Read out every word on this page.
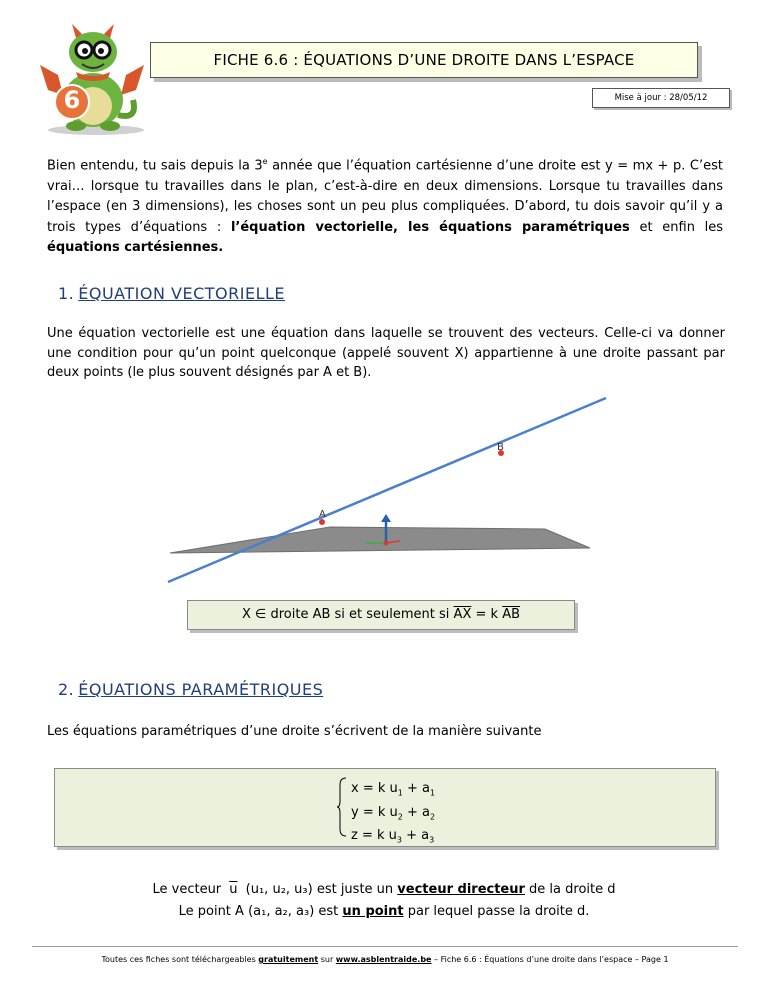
6
FICHE 6.6 : ÉQUATIONS D’UNE DROITE DANS L’ESPACE
Mise à jour : 28/05/12
Bien entendu, tu sais depuis la 3e année que l’équation cartésienne d’une droite est y = mx + p. C’est vrai… lorsque tu travailles dans le plan, c’est-à-dire en deux dimensions. Lorsque tu travailles dans l’espace (en 3 dimensions), les choses sont un peu plus compliquées. D’abord, tu dois savoir qu’il y a trois types d’équations : l’équation vectorielle, les équations paramétriques et enfin les équations cartésiennes.
1. ÉQUATION VECTORIELLE
Une équation vectorielle est une équation dans laquelle se trouvent des vecteurs. Celle-ci va donner une condition pour qu’un point quelconque (appelé souvent X) appartienne à une droite passant par deux points (le plus souvent désignés par A et B).
A
B
X ∈ droite AB si et seulement si $\overline{AX} = k$ $\overline{AB}$
2. ÉQUATIONS PARAMÉTRIQUES
Les équations paramétriques d’une droite s’écrivent de la manière suivante
x = k $u_1 + a_1$
y = k $u_2 + a_2$
z = k $u_3 + a_3$
Le vecteur $\overline{u}$ (u₁, u₂, u₃) est juste un vecteur directeur de la droite d
Le point A (a₁, a₂, a₃) est un point par lequel passe la droite d.
Toutes ces fiches sont téléchargeables gratuitement sur www.asblentraide.be – Fiche 6.6 : Équations d’une droite dans l’espace – Page 1
